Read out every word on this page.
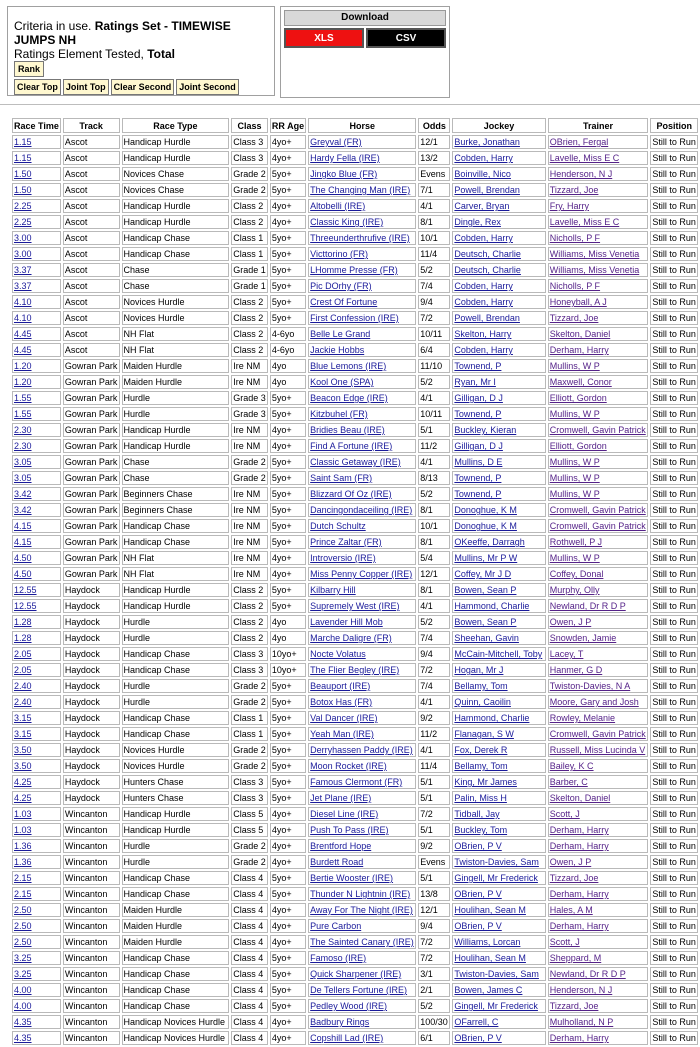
Criteria in use. Ratings Set - TIMEWISE JUMPS NH
Ratings Element Tested, Total
Rank
Clear Top Joint Top Clear Second Joint Second
Download
XLS	CSV
Race Time	Track	Race Type	Class	RR Age	Horse	Odds	Jockey	Trainer	Position
1.15	Ascot	Handicap Hurdle	Class 3	4yo+	Greyval (FR)	12/1	Burke, Jonathan	OBrien, Fergal	Still to Run
1.15	Ascot	Handicap Hurdle	Class 3	4yo+	Hardy Fella (IRE)	13/2	Cobden, Harry	Lavelle, Miss E C	Still to Run
1.50	Ascot	Novices Chase	Grade 2	5yo+	Jingko Blue (FR)	Evens	Boinville, Nico	Henderson, N J	Still to Run
1.50	Ascot	Novices Chase	Grade 2	5yo+	The Changing Man (IRE)	7/1	Powell, Brendan	Tizzard, Joe	Still to Run
2.25	Ascot	Handicap Hurdle	Class 2	4yo+	Altobelli (IRE)	4/1	Carver, Bryan	Fry, Harry	Still to Run
2.25	Ascot	Handicap Hurdle	Class 2	4yo+	Classic King (IRE)	8/1	Dingle, Rex	Lavelle, Miss E C	Still to Run
3.00	Ascot	Handicap Chase	Class 1	5yo+	Threeunderthrufive (IRE)	10/1	Cobden, Harry	Nicholls, P F	Still to Run
3.00	Ascot	Handicap Chase	Class 1	5yo+	Victtorino (FR)	11/4	Deutsch, Charlie	Williams, Miss Venetia	Still to Run
3.37	Ascot	Chase	Grade 1	5yo+	LHomme Presse (FR)	5/2	Deutsch, Charlie	Williams, Miss Venetia	Still to Run
3.37	Ascot	Chase	Grade 1	5yo+	Pic DOrhy (FR)	7/4	Cobden, Harry	Nicholls, P F	Still to Run
4.10	Ascot	Novices Hurdle	Class 2	5yo+	Crest Of Fortune	9/4	Cobden, Harry	Honeyball, A J	Still to Run
4.10	Ascot	Novices Hurdle	Class 2	5yo+	First Confession (IRE)	7/2	Powell, Brendan	Tizzard, Joe	Still to Run
4.45	Ascot	NH Flat	Class 2	4-6yo	Belle Le Grand	10/11	Skelton, Harry	Skelton, Daniel	Still to Run
4.45	Ascot	NH Flat	Class 2	4-6yo	Jackie Hobbs	6/4	Cobden, Harry	Derham, Harry	Still to Run
1.20	Gowran Park	Maiden Hurdle	Ire NM	4yo	Blue Lemons (IRE)	11/10	Townend, P	Mullins, W P	Still to Run
1.20	Gowran Park	Maiden Hurdle	Ire NM	4yo	Kool One (SPA)	5/2	Ryan, Mr I	Maxwell, Conor	Still to Run
1.55	Gowran Park	Hurdle	Grade 3	5yo+	Beacon Edge (IRE)	4/1	Gilligan, D J	Elliott, Gordon	Still to Run
1.55	Gowran Park	Hurdle	Grade 3	5yo+	Kitzbuhel (FR)	10/11	Townend, P	Mullins, W P	Still to Run
2.30	Gowran Park	Handicap Hurdle	Ire NM	4yo+	Bridies Beau (IRE)	5/1	Buckley, Kieran	Cromwell, Gavin Patrick	Still to Run
2.30	Gowran Park	Handicap Hurdle	Ire NM	4yo+	Find A Fortune (IRE)	11/2	Gilligan, D J	Elliott, Gordon	Still to Run
3.05	Gowran Park	Chase	Grade 2	5yo+	Classic Getaway (IRE)	4/1	Mullins, D E	Mullins, W P	Still to Run
3.05	Gowran Park	Chase	Grade 2	5yo+	Saint Sam (FR)	8/13	Townend, P	Mullins, W P	Still to Run
3.42	Gowran Park	Beginners Chase	Ire NM	5yo+	Blizzard Of Oz (IRE)	5/2	Townend, P	Mullins, W P	Still to Run
3.42	Gowran Park	Beginners Chase	Ire NM	5yo+	Dancingondaceiling (IRE)	8/1	Donoghue, K M	Cromwell, Gavin Patrick	Still to Run
4.15	Gowran Park	Handicap Chase	Ire NM	5yo+	Dutch Schultz	10/1	Donoghue, K M	Cromwell, Gavin Patrick	Still to Run
4.15	Gowran Park	Handicap Chase	Ire NM	5yo+	Prince Zaltar (FR)	8/1	OKeeffe, Darragh	Rothwell, P J	Still to Run
4.50	Gowran Park	NH Flat	Ire NM	4yo+	Introversio (IRE)	5/4	Mullins, Mr P W	Mullins, W P	Still to Run
4.50	Gowran Park	NH Flat	Ire NM	4yo+	Miss Penny Copper (IRE)	12/1	Coffey, Mr J D	Coffey, Donal	Still to Run
12.55	Haydock	Handicap Hurdle	Class 2	5yo+	Kilbarry Hill	8/1	Bowen, Sean P	Murphy, Olly	Still to Run
12.55	Haydock	Handicap Hurdle	Class 2	5yo+	Supremely West (IRE)	4/1	Hammond, Charlie	Newland, Dr R D P	Still to Run
1.28	Haydock	Hurdle	Class 2	4yo	Lavender Hill Mob	5/2	Bowen, Sean P	Owen, J P	Still to Run
1.28	Haydock	Hurdle	Class 2	4yo	Marche Daligre (FR)	7/4	Sheehan, Gavin	Snowden, Jamie	Still to Run
2.05	Haydock	Handicap Chase	Class 3	10yo+	Nocte Volatus	9/4	McCain-Mitchell, Toby	Lacey, T	Still to Run
2.05	Haydock	Handicap Chase	Class 3	10yo+	The Flier Begley (IRE)	7/2	Hogan, Mr J	Hanmer, G D	Still to Run
2.40	Haydock	Hurdle	Grade 2	5yo+	Beauport (IRE)	7/4	Bellamy, Tom	Twiston-Davies, N A	Still to Run
2.40	Haydock	Hurdle	Grade 2	5yo+	Botox Has (FR)	4/1	Quinn, Caoilin	Moore, Gary and Josh	Still to Run
3.15	Haydock	Handicap Chase	Class 1	5yo+	Val Dancer (IRE)	9/2	Hammond, Charlie	Rowley, Melanie	Still to Run
3.15	Haydock	Handicap Chase	Class 1	5yo+	Yeah Man (IRE)	11/2	Flanagan, S W	Cromwell, Gavin Patrick	Still to Run
3.50	Haydock	Novices Hurdle	Grade 2	5yo+	Derryhassen Paddy (IRE)	4/1	Fox, Derek R	Russell, Miss Lucinda V	Still to Run
3.50	Haydock	Novices Hurdle	Grade 2	5yo+	Moon Rocket (IRE)	11/4	Bellamy, Tom	Bailey, K C	Still to Run
4.25	Haydock	Hunters Chase	Class 3	5yo+	Famous Clermont (FR)	5/1	King, Mr James	Barber, C	Still to Run
4.25	Haydock	Hunters Chase	Class 3	5yo+	Jet Plane (IRE)	5/1	Palin, Miss H	Skelton, Daniel	Still to Run
1.03	Wincanton	Handicap Hurdle	Class 5	4yo+	Diesel Line (IRE)	7/2	Tidball, Jay	Scott, J	Still to Run
1.03	Wincanton	Handicap Hurdle	Class 5	4yo+	Push To Pass (IRE)	5/1	Buckley, Tom	Derham, Harry	Still to Run
1.36	Wincanton	Hurdle	Grade 2	4yo+	Brentford Hope	9/2	OBrien, P V	Derham, Harry	Still to Run
1.36	Wincanton	Hurdle	Grade 2	4yo+	Burdett Road	Evens	Twiston-Davies, Sam	Owen, J P	Still to Run
2.15	Wincanton	Handicap Chase	Class 4	5yo+	Bertie Wooster (IRE)	5/1	Gingell, Mr Frederick	Tizzard, Joe	Still to Run
2.15	Wincanton	Handicap Chase	Class 4	5yo+	Thunder N Lightnin (IRE)	13/8	OBrien, P V	Derham, Harry	Still to Run
2.50	Wincanton	Maiden Hurdle	Class 4	4yo+	Away For The Night (IRE)	12/1	Houlihan, Sean M	Hales, A M	Still to Run
2.50	Wincanton	Maiden Hurdle	Class 4	4yo+	Pure Carbon	9/4	OBrien, P V	Derham, Harry	Still to Run
2.50	Wincanton	Maiden Hurdle	Class 4	4yo+	The Sainted Canary (IRE)	7/2	Williams, Lorcan	Scott, J	Still to Run
3.25	Wincanton	Handicap Chase	Class 4	5yo+	Famoso (IRE)	7/2	Houlihan, Sean M	Sheppard, M	Still to Run
3.25	Wincanton	Handicap Chase	Class 4	5yo+	Quick Sharpener (IRE)	3/1	Twiston-Davies, Sam	Newland, Dr R D P	Still to Run
4.00	Wincanton	Handicap Chase	Class 4	5yo+	De Tellers Fortune (IRE)	2/1	Bowen, James C	Henderson, N J	Still to Run
4.00	Wincanton	Handicap Chase	Class 4	5yo+	Pedley Wood (IRE)	5/2	Gingell, Mr Frederick	Tizzard, Joe	Still to Run
4.35	Wincanton	Handicap Novices Hurdle	Class 4	4yo+	Badbury Rings	100/30	OFarrell, C	Mulholland, N P	Still to Run
4.35	Wincanton	Handicap Novices Hurdle	Class 4	4yo+	Copshill Lad (IRE)	6/1	OBrien, P V	Derham, Harry	Still to Run
